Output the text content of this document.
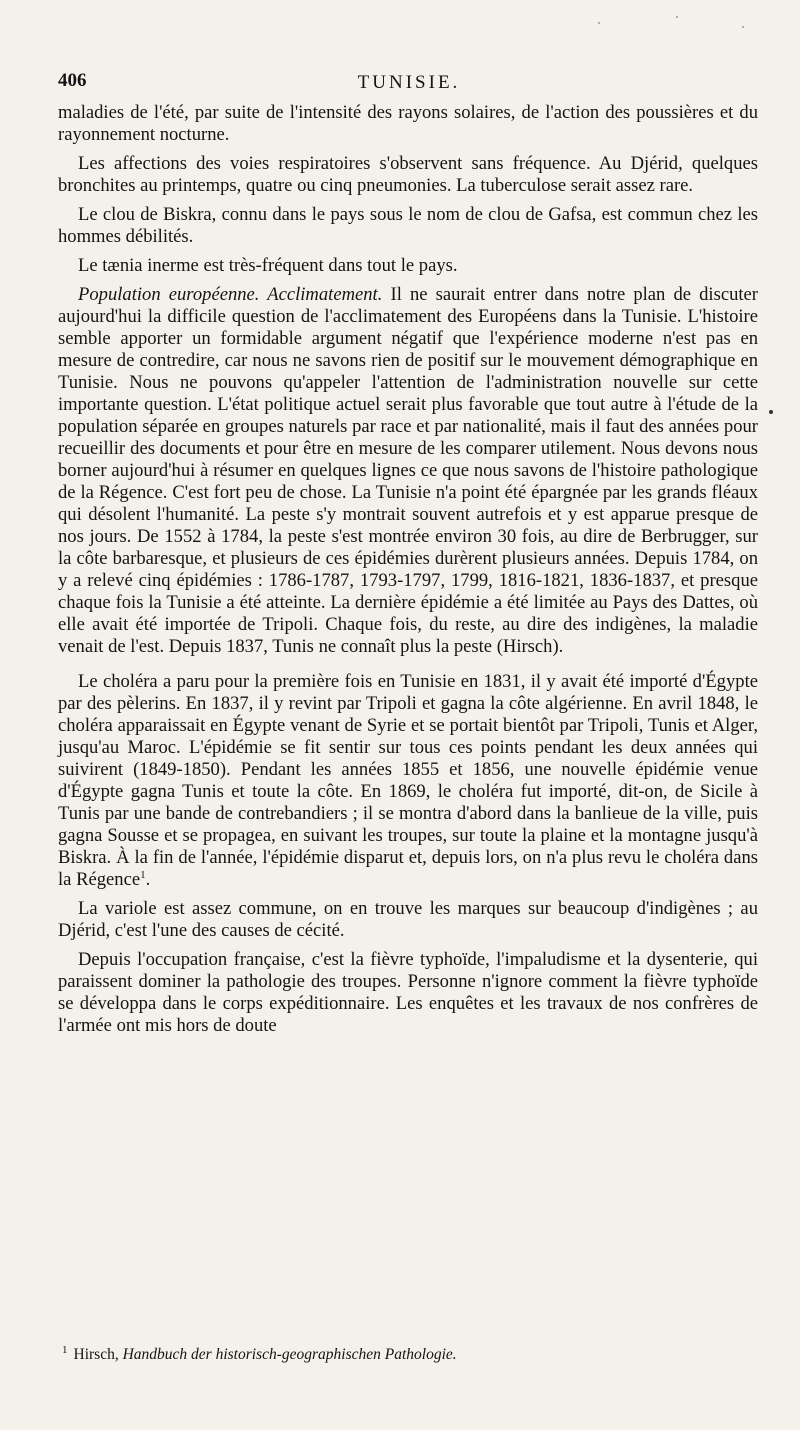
406	TUNISIE.

maladies de l'été, par suite de l'intensité des rayons solaires, de l'action des poussières et du rayonnement nocturne.

Les affections des voies respiratoires s'observent sans fréquence. Au Djérid, quelques bronchites au printemps, quatre ou cinq pneumonies. La tuberculose serait assez rare.

Le clou de Biskra, connu dans le pays sous le nom de clou de Gafsa, est commun chez les hommes débilités.

Le tænia inerme est très-fréquent dans tout le pays.

Population européenne. Acclimatement. Il ne saurait entrer dans notre plan de discuter aujourd'hui la difficile question de l'acclimatement des Européens dans la Tunisie. L'histoire semble apporter un formidable argument négatif que l'expérience moderne n'est pas en mesure de contredire, car nous ne savons rien de positif sur le mouvement démographique en Tunisie. Nous ne pouvons qu'appeler l'attention de l'administration nouvelle sur cette importante question. L'état politique actuel serait plus favorable que tout autre à l'étude de la population séparée en groupes naturels par race et par nationalité, mais il faut des années pour recueillir des documents et pour être en mesure de les comparer utilement. Nous devons nous borner aujourd'hui à résumer en quelques lignes ce que nous savons de l'histoire pathologique de la Régence. C'est fort peu de chose. La Tunisie n'a point été épargnée par les grands fléaux qui désolent l'humanité. La peste s'y montrait souvent autrefois et y est apparue presque de nos jours. De 1552 à 1784, la peste s'est montrée environ 30 fois, au dire de Berbrugger, sur la côte barbaresque, et plusieurs de ces épidémies durèrent plusieurs années. Depuis 1784, on y a relevé cinq épidémies : 1786-1787, 1793-1797, 1799, 1816-1821, 1836-1837, et presque chaque fois la Tunisie a été atteinte. La dernière épidémie a été limitée au Pays des Dattes, où elle avait été importée de Tripoli. Chaque fois, du reste, au dire des indigènes, la maladie venait de l'est. Depuis 1837, Tunis ne connaît plus la peste (Hirsch).

Le choléra a paru pour la première fois en Tunisie en 1831, il y avait été importé d'Égypte par des pèlerins. En 1837, il y revint par Tripoli et gagna la côte algérienne. En avril 1848, le choléra apparaissait en Égypte venant de Syrie et se portait bientôt par Tripoli, Tunis et Alger, jusqu'au Maroc. L'épidémie se fit sentir sur tous ces points pendant les deux années qui suivirent (1849-1850). Pendant les années 1855 et 1856, une nouvelle épidémie venue d'Égypte gagna Tunis et toute la côte. En 1869, le choléra fut importé, dit-on, de Sicile à Tunis par une bande de contrebandiers ; il se montra d'abord dans la banlieue de la ville, puis gagna Sousse et se propagea, en suivant les troupes, sur toute la plaine et la montagne jusqu'à Biskra. À la fin de l'année, l'épidémie disparut et, depuis lors, on n'a plus revu le choléra dans la Régence$^1$.

La variole est assez commune, on en trouve les marques sur beaucoup d'indigènes ; au Djérid, c'est l'une des causes de cécité.

Depuis l'occupation française, c'est la fièvre typhoïde, l'impaludisme et la dysenterie, qui paraissent dominer la pathologie des troupes. Personne n'ignore comment la fièvre typhoïde se développa dans le corps expéditionnaire. Les enquêtes et les travaux de nos confrères de l'armée ont mis hors de doute

$^1$ Hirsch, Handbuch der historisch-geographischen Pathologie.
